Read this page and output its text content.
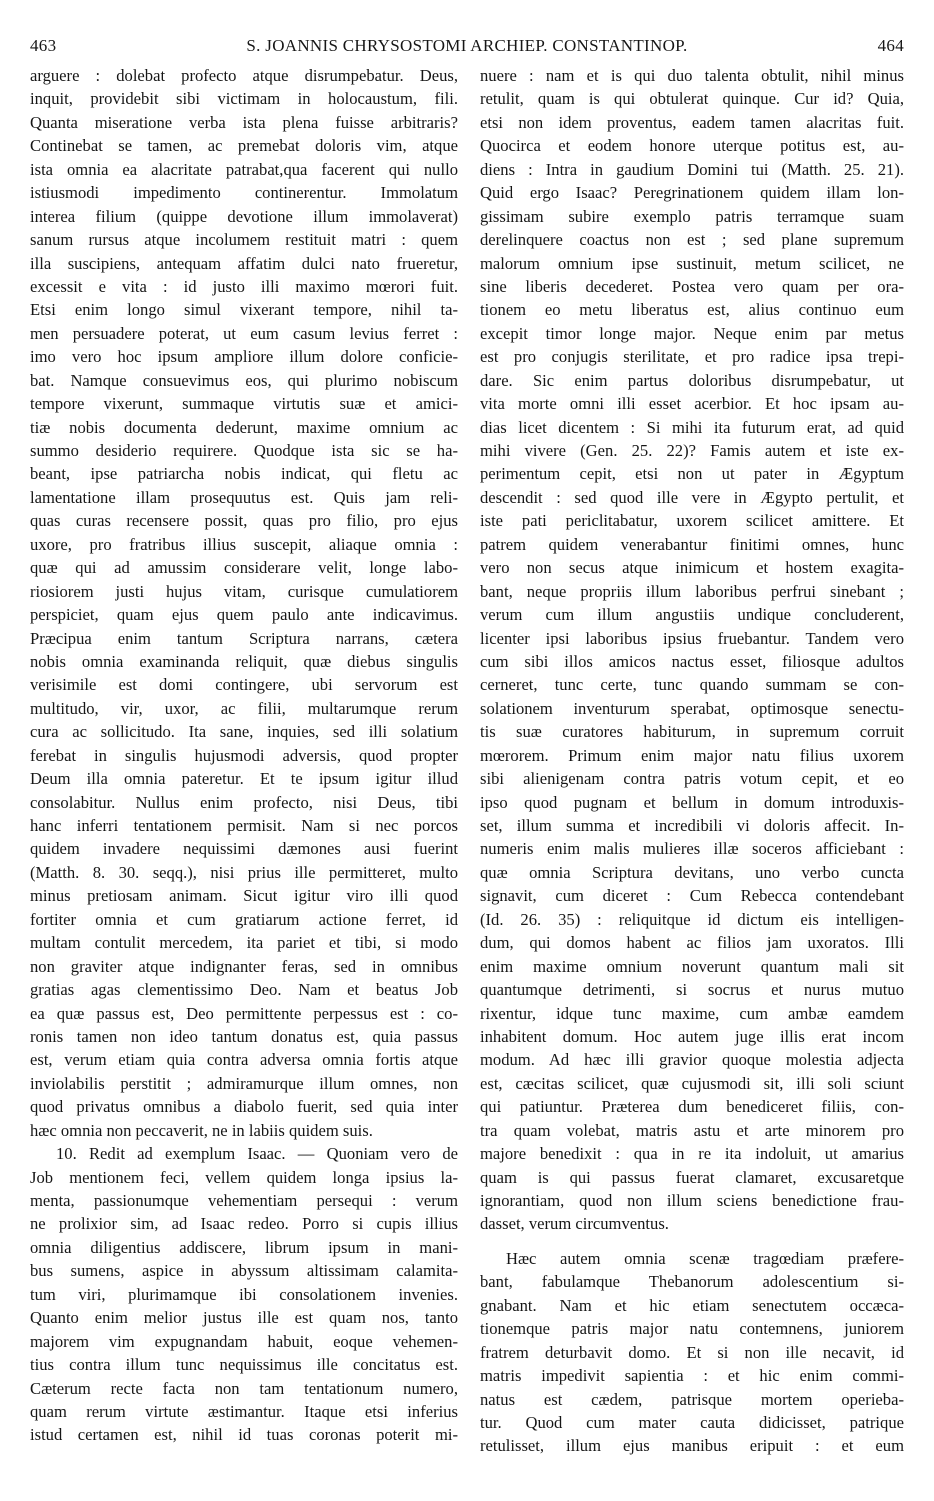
463	S. JOANNIS CHRYSOSTOMI ARCHIEP. CONSTANTINOP.	464
arguere : dolebat profecto atque disrumpebatur. Deus,
inquit, providebit sibi victimam in holocaustum, fili.
Quanta miseratione verba ista plena fuisse arbitraris?
Continebat se tamen, ac premebat doloris vim, atque
ista omnia ea alacritate patrabat,qua facerent qui nullo
istiusmodi impedimento continerentur. Immolatum
interea filium (quippe devotione illum immolaverat)
sanum rursus atque incolumem restituit matri : quem
illa suscipiens, antequam affatim dulci nato frueretur,
excessit e vita : id justo illi maximo mœrori fuit.
Etsi enim longo simul vixerant tempore, nihil ta-
men persuadere poterat, ut eum casum levius ferret :
imo vero hoc ipsum ampliore illum dolore conficie-
bat. Namque consuevimus eos, qui plurimo nobiscum
tempore vixerunt, summaque virtutis suæ et amici-
tiæ nobis documenta dederunt, maxime omnium ac
summo desiderio requirere. Quodque ista sic se ha-
beant, ipse patriarcha nobis indicat, qui fletu ac
lamentatione illam prosequutus est. Quis jam reli-
quas curas recensere possit, quas pro filio, pro ejus
uxore, pro fratribus illius suscepit, aliaque omnia :
quæ qui ad amussim considerare velit, longe labo-
riosiorem justi hujus vitam, curisque cumulatiorem
perspiciet, quam ejus quem paulo ante indicavimus.
Præcipua enim tantum Scriptura narrans, cætera
nobis omnia examinanda reliquit, quæ diebus singulis
verisimile est domi contingere, ubi servorum est
multitudo, vir, uxor, ac filii, multarumque rerum
cura ac sollicitudo. Ita sane, inquies, sed illi solatium
ferebat in singulis hujusmodi adversis, quod propter
Deum illa omnia pateretur. Et te ipsum igitur illud
consolabitur. Nullus enim profecto, nisi Deus, tibi
hanc inferri tentationem permisit. Nam si nec porcos
quidem invadere nequissimi dæmones ausi fuerint
(Matth. 8. 30. seqq.), nisi prius ille permitteret, multo
minus pretiosam animam. Sicut igitur viro illi quod
fortiter omnia et cum gratiarum actione ferret, id
multam contulit mercedem, ita pariet et tibi, si modo
non graviter atque indignanter feras, sed in omnibus
gratias agas clementissimo Deo. Nam et beatus Job
ea quæ passus est, Deo permittente perpessus est : co-
ronis tamen non ideo tantum donatus est, quia passus
est, verum etiam quia contra adversa omnia fortis atque
inviolabilis perstitit ; admiramurque illum omnes, non
quod privatus omnibus a diabolo fuerit, sed quia inter
hæc omnia non peccaverit, ne in labiis quidem suis.
10. Redit ad exemplum Isaac. — Quoniam vero de
Job mentionem feci, vellem quidem longa ipsius la-
menta, passionumque vehementiam persequi : verum
ne prolixior sim, ad Isaac redeo. Porro si cupis illius
omnia diligentius addiscere, librum ipsum in mani-
bus sumens, aspice in abyssum altissimam calamita-
tum viri, plurimamque ibi consolationem invenies.
Quanto enim melior justus ille est quam nos, tanto
majorem vim expugnandam habuit, eoque vehemen-
tius contra illum tunc nequissimus ille concitatus est.
Cæterum recte facta non tam tentationum numero,
quam rerum virtute æstimantur. Itaque etsi inferius
istud certamen est, nihil id tuas coronas poterit mi-
nuere : nam et is qui duo talenta obtulit, nihil minus
retulit, quam is qui obtulerat quinque. Cur id? Quia,
etsi non idem proventus, eadem tamen alacritas fuit.
Quocirca et eodem honore uterque potitus est, au-
diens : Intra in gaudium Domini tui (Matth. 25. 21).
Quid ergo Isaac? Peregrinationem quidem illam lon-
gissimam subire exemplo patris terramque suam
derelinquere coactus non est ; sed plane supremum
malorum omnium ipse sustinuit, metum scilicet, ne
sine liberis decederet. Postea vero quam per ora-
tionem eo metu liberatus est, alius continuo eum
excepit timor longe major. Neque enim par metus
est pro conjugis sterilitate, et pro radice ipsa trepi-
dare. Sic enim partus doloribus disrumpebatur, ut
vita morte omni illi esset acerbior. Et hoc ipsam au-
dias licet dicentem : Si mihi ita futurum erat, ad quid
mihi vivere (Gen. 25. 22)? Famis autem et iste ex-
perimentum cepit, etsi non ut pater in Ægyptum
descendit : sed quod ille vere in Ægypto pertulit, et
iste pati periclitabatur, uxorem scilicet amittere. Et
patrem quidem venerabantur finitimi omnes, hunc
vero non secus atque inimicum et hostem exagita-
bant, neque propriis illum laboribus perfrui sinebant ;
verum cum illum angustiis undique concluderent,
licenter ipsi laboribus ipsius fruebantur. Tandem vero
cum sibi illos amicos nactus esset, filiosque adultos
cerneret, tunc certe, tunc quando summam se con-
solationem inventurum sperabat, optimosque senectu-
tis suæ curatores habiturum, in supremum corruit
mœrorem. Primum enim major natu filius uxorem
sibi alienigenam contra patris votum cepit, et eo
ipso quod pugnam et bellum in domum introduxis-
set, illum summa et incredibili vi doloris affecit. In-
numeris enim malis mulieres illæ soceros afficiebant :
quæ omnia Scriptura devitans, uno verbo cuncta
signavit, cum diceret : Cum Rebecca contendebant
(Id. 26. 35) : reliquitque id dictum eis intelligen-
dum, qui domos habent ac filios jam uxoratos. Illi
enim maxime omnium noverunt quantum mali sit
quantumque detrimenti, si socrus et nurus mutuo
rixentur, idque tunc maxime, cum ambæ eamdem
inhabitent domum. Hoc autem juge illis erat incom
modum. Ad hæc illi gravior quoque molestia adjecta
est, cæcitas scilicet, quæ cujusmodi sit, illi soli sciunt
qui patiuntur. Præterea dum benediceret filiis, con-
tra quam volebat, matris astu et arte minorem pro
majore benedixit : qua in re ita indoluit, ut amarius
quam is qui passus fuerat clamaret, excusaretque
ignorantiam, quod non illum sciens benedictione frau-
dasset, verum circumventus.
Hæc autem omnia scenæ tragœdiam præfere-
bant, fabulamque Thebanorum adolescentium si-
gnabant. Nam et hic etiam senectutem occæca-
tionemque patris major natu contemnens, juniorem
fratrem deturbavit domo. Et si non ille necavit, id
matris impedivit sapientia : et hic enim commi-
natus est cædem, patrisque mortem operieba-
tur. Quod cum mater cauta didicisset, patrique
retulisset, illum ejus manibus eripuit : et eum
